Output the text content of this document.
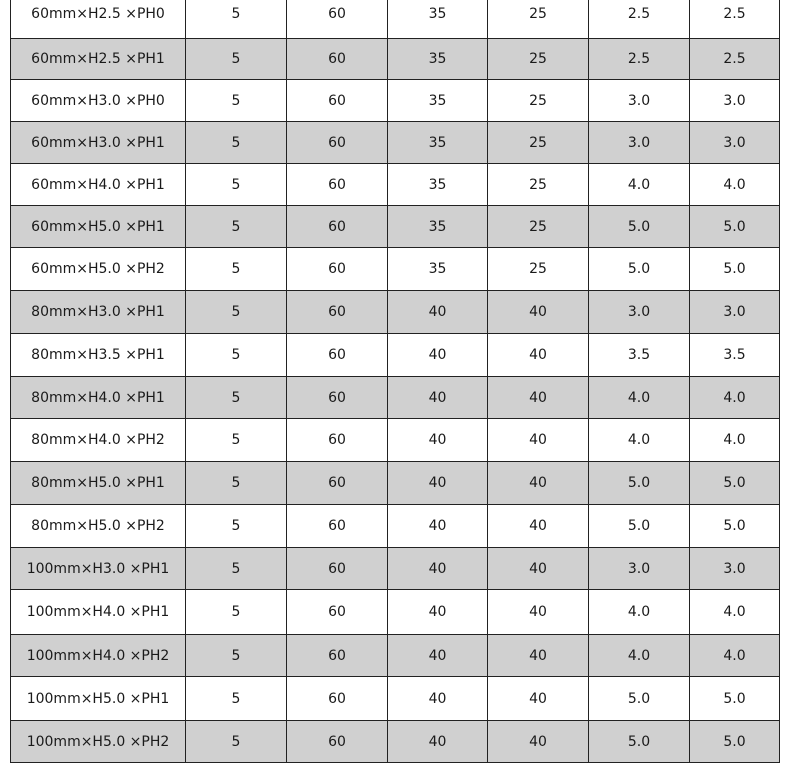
60mm×H2.5 ×PH0	5	60	35	25	2.5	2.5
60mm×H2.5 ×PH1	5	60	35	25	2.5	2.5
60mm×H3.0 ×PH0	5	60	35	25	3.0	3.0
60mm×H3.0 ×PH1	5	60	35	25	3.0	3.0
60mm×H4.0 ×PH1	5	60	35	25	4.0	4.0
60mm×H5.0 ×PH1	5	60	35	25	5.0	5.0
60mm×H5.0 ×PH2	5	60	35	25	5.0	5.0
80mm×H3.0 ×PH1	5	60	40	40	3.0	3.0
80mm×H3.5 ×PH1	5	60	40	40	3.5	3.5
80mm×H4.0 ×PH1	5	60	40	40	4.0	4.0
80mm×H4.0 ×PH2	5	60	40	40	4.0	4.0
80mm×H5.0 ×PH1	5	60	40	40	5.0	5.0
80mm×H5.0 ×PH2	5	60	40	40	5.0	5.0
100mm×H3.0 ×PH1	5	60	40	40	3.0	3.0
100mm×H4.0 ×PH1	5	60	40	40	4.0	4.0
100mm×H4.0 ×PH2	5	60	40	40	4.0	4.0
100mm×H5.0 ×PH1	5	60	40	40	5.0	5.0
100mm×H5.0 ×PH2	5	60	40	40	5.0	5.0
